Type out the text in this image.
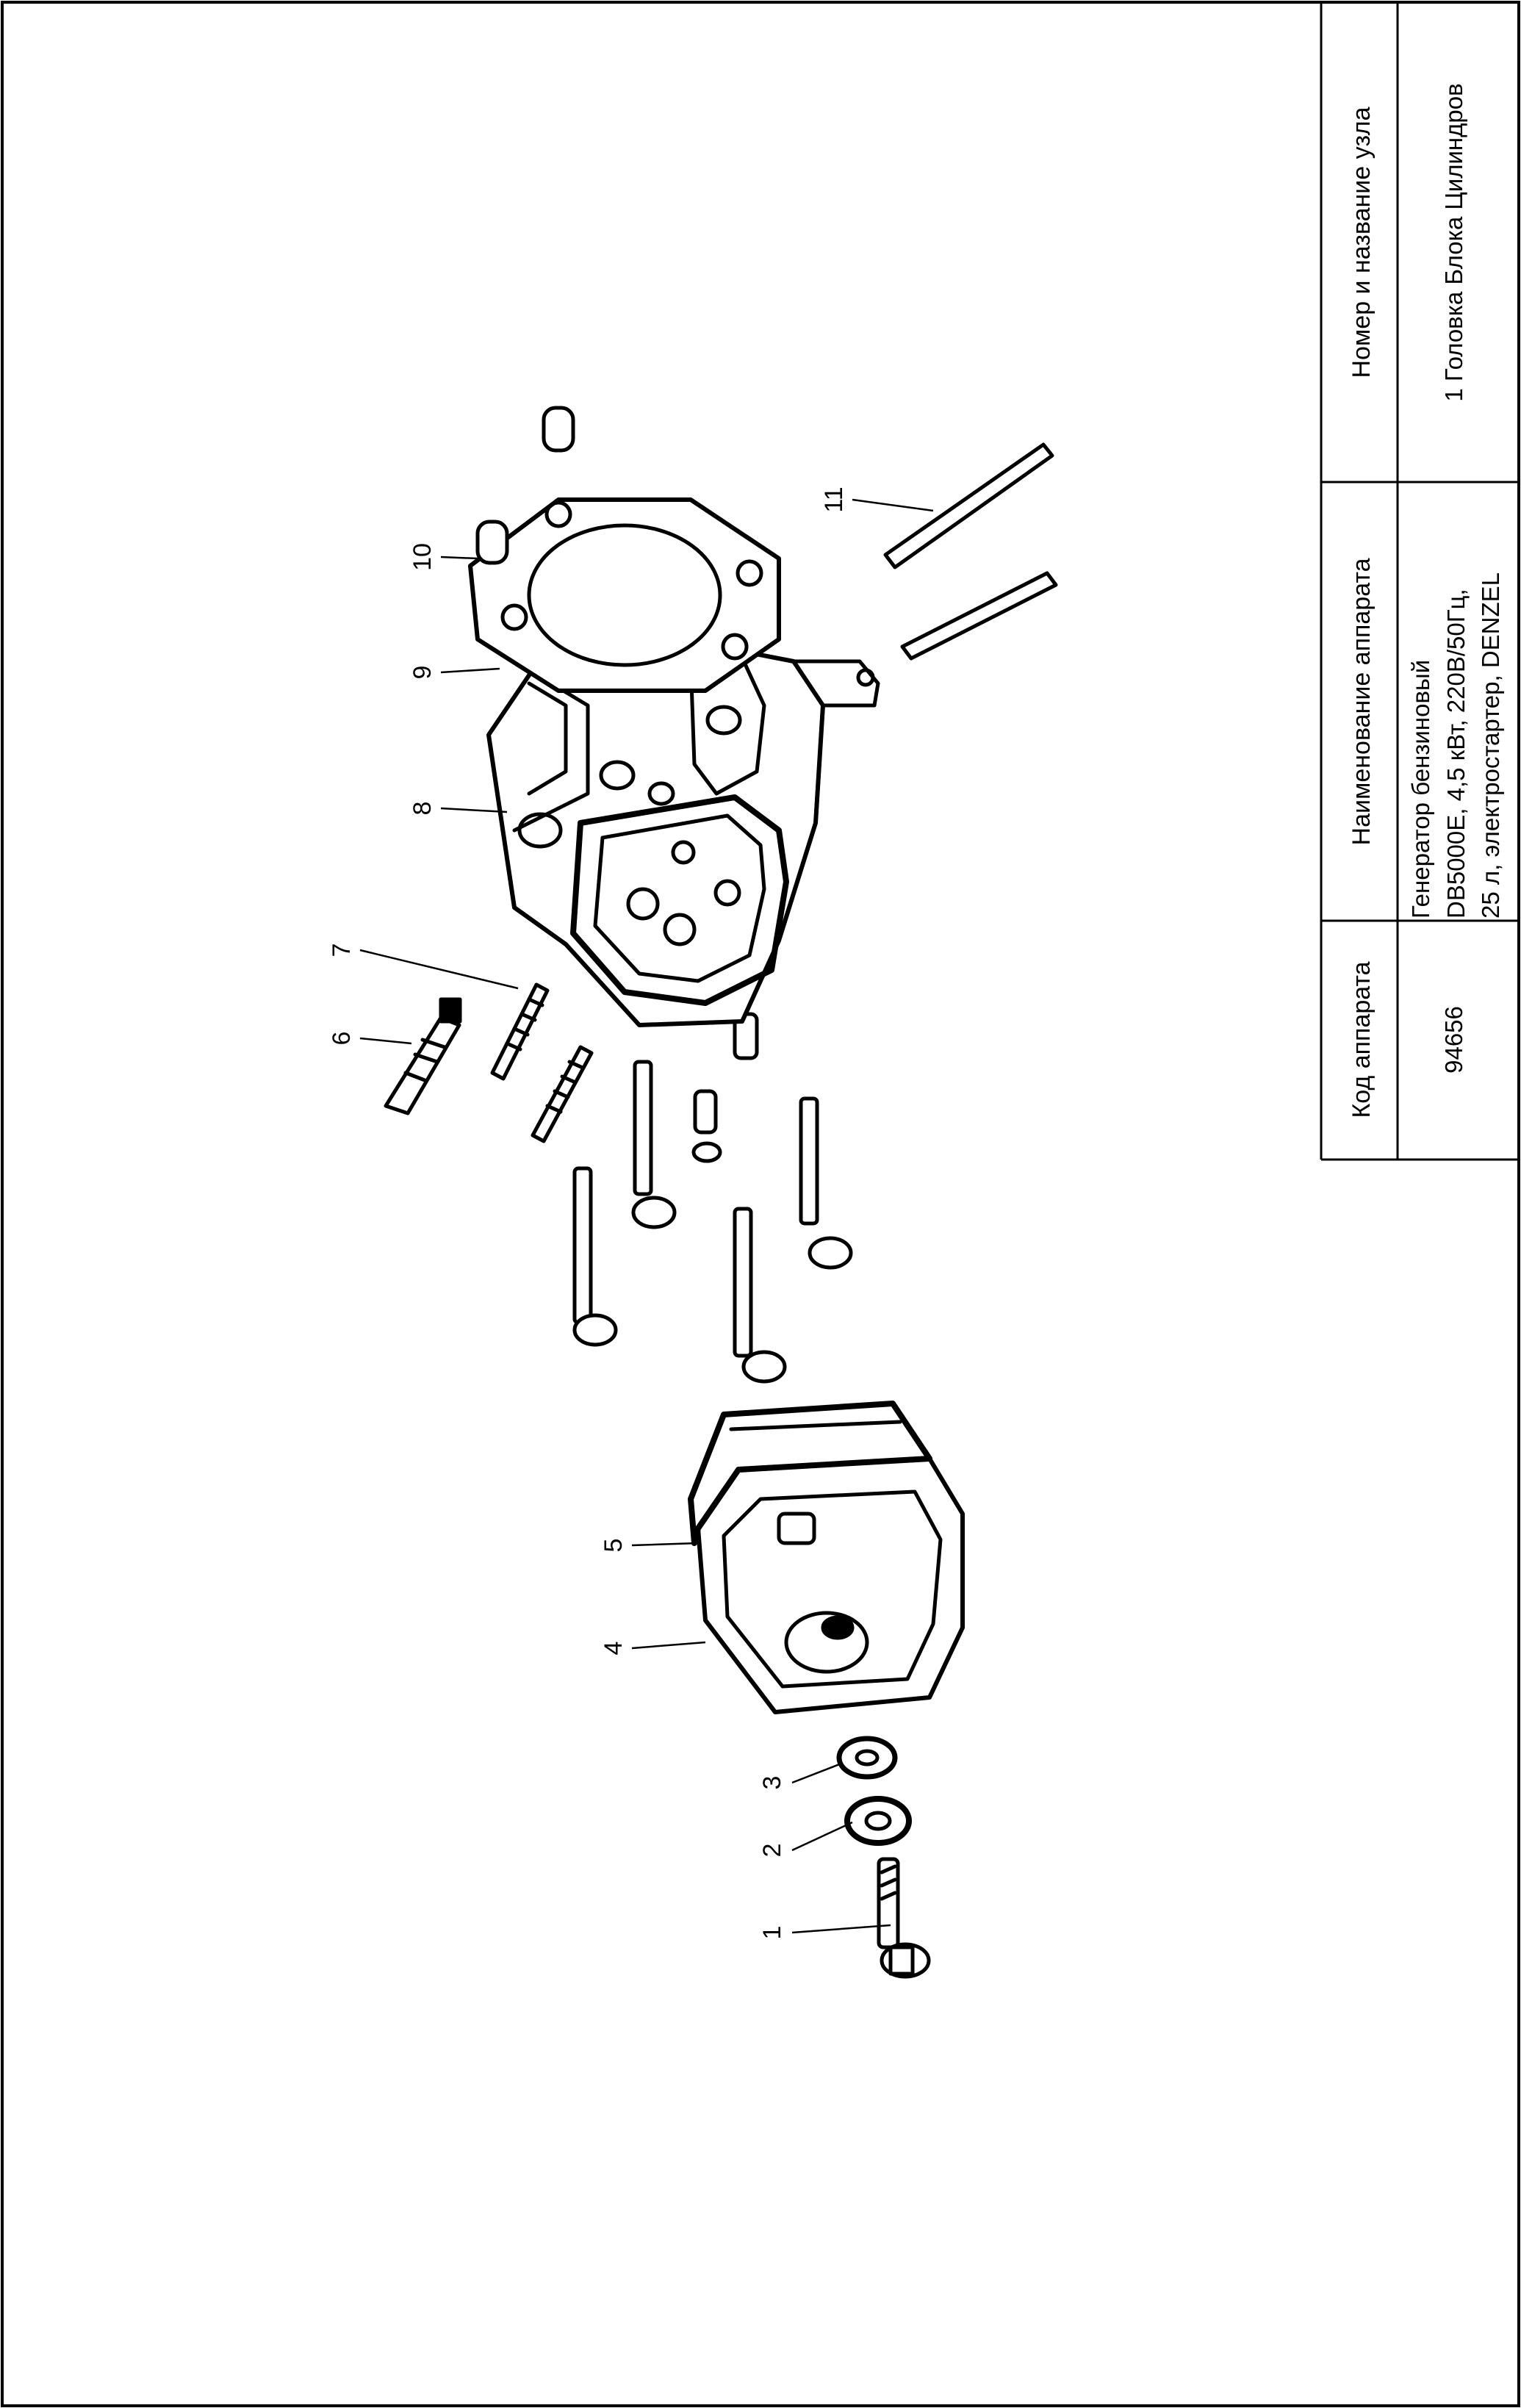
Код аппарата
Наименование аппарата
Номер и название узла
94656
Генератор бензиновый DB5000E, 4,5 кВт, 220В/50Гц, 25 л, электростартер, DENZEL
1 Головка Блока Цилиндров
1
2
3
4
5
6
7
8
9
10
11
